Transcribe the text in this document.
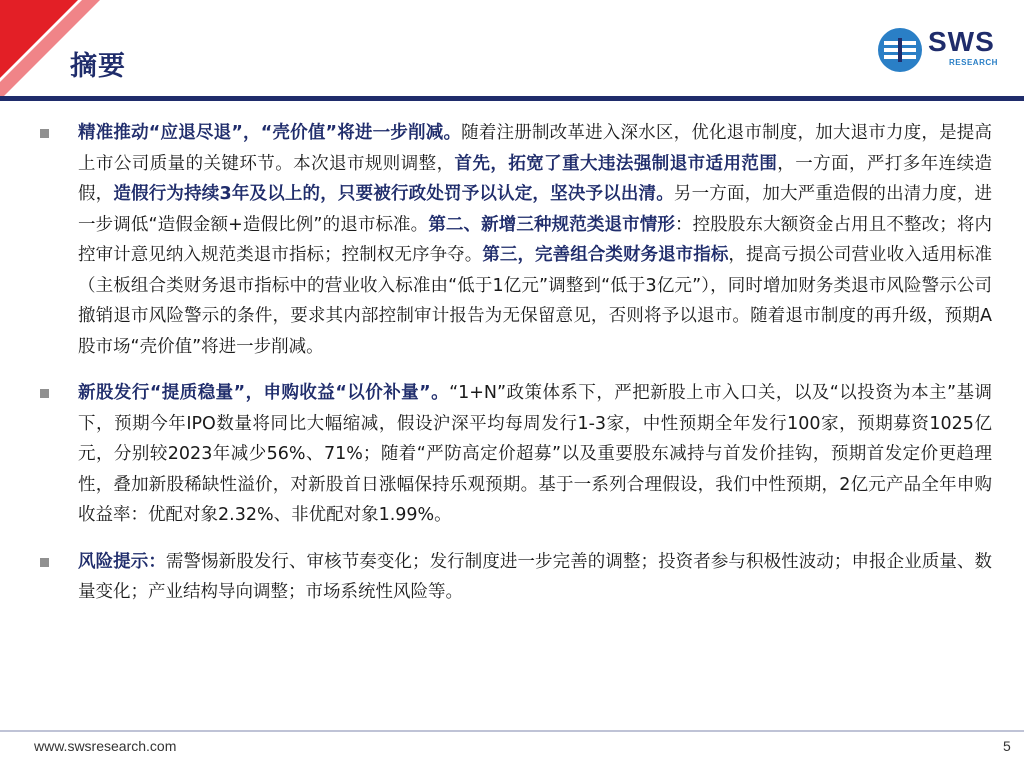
摘要
SWS
RESEARCH

精准推动“应退尽退”，“壳价值”将进一步削减。随着注册制改革进入深水区，优化退市制度，加大退市力度，是提高上市公司质量的关键环节。本次退市规则调整，首先，拓宽了重大违法强制退市适用范围，一方面，严打多年连续造假，造假行为持续3年及以上的，只要被行政处罚予以认定，坚决予以出清。另一方面，加大严重造假的出清力度，进一步调低“造假金额+造假比例”的退市标准。第二、新增三种规范类退市情形：控股股东大额资金占用且不整改；将内控审计意见纳入规范类退市指标；控制权无序争夺。第三，完善组合类财务退市指标，提高亏损公司营业收入适用标准（主板组合类财务退市指标中的营业收入标准由“低于1亿元”调整到“低于3亿元”），同时增加财务类退市风险警示公司撤销退市风险警示的条件，要求其内部控制审计报告为无保留意见，否则将予以退市。随着退市制度的再升级，预期A股市场“壳价值”将进一步削减。

新股发行“提质稳量”，申购收益“以价补量”。“1+N”政策体系下，严把新股上市入口关，以及“以投资为本主”基调下，预期今年IPO数量将同比大幅缩减，假设沪深平均每周发行1-3家，中性预期全年发行100家，预期募资1025亿元，分别较2023年减少56%、71%；随着“严防高定价超募”以及重要股东减持与首发价挂钩，预期首发定价更趋理性，叠加新股稀缺性溢价，对新股首日涨幅保持乐观预期。基于一系列合理假设，我们中性预期，2亿元产品全年申购收益率：优配对象2.32%、非优配对象1.99%。

风险提示：需警惕新股发行、审核节奏变化；发行制度进一步完善的调整；投资者参与积极性波动；申报企业质量、数量变化；产业结构导向调整；市场系统性风险等。

www.swsresearch.com	5
